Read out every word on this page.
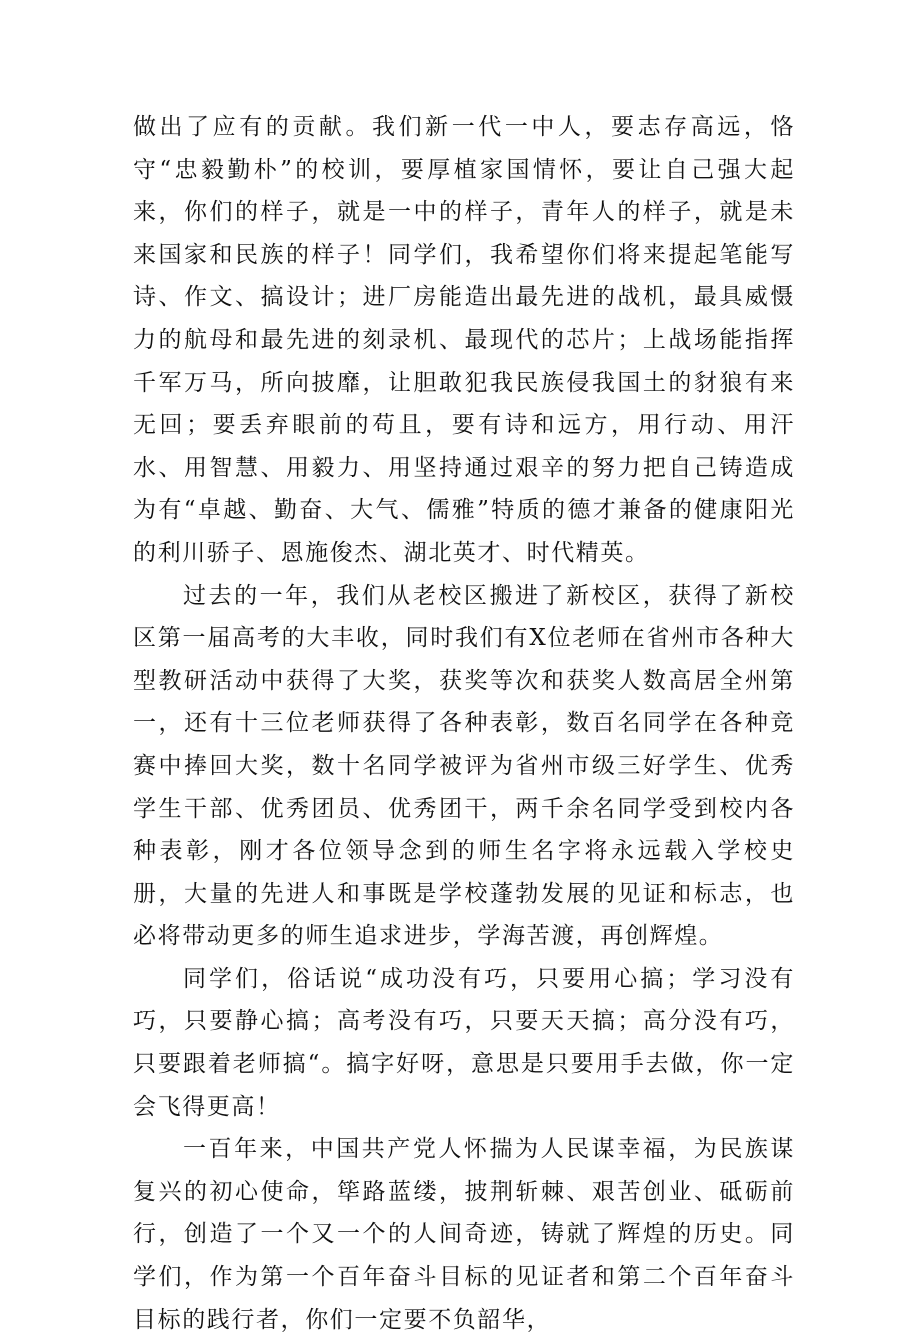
做出了应有的贡献。我们新一代一中人，要志存高远，恪守“忠毅勤朴”的校训，要厚植家国情怀，要让自己强大起来，你们的样子，就是一中的样子，青年人的样子，就是未来国家和民族的样子！同学们，我希望你们将来提起笔能写诗、作文、搞设计；进厂房能造出最先进的战机，最具威慑力的航母和最先进的刻录机、最现代的芯片；上战场能指挥千军万马，所向披靡，让胆敢犯我民族侵我国土的豺狼有来无回；要丢弃眼前的苟且，要有诗和远方，用行动、用汗水、用智慧、用毅力、用坚持通过艰辛的努力把自己铸造成为有“卓越、勤奋、大气、儒雅”特质的德才兼备的健康阳光的利川骄子、恩施俊杰、湖北英才、时代精英。

过去的一年，我们从老校区搬进了新校区，获得了新校区第一届高考的大丰收，同时我们有X位老师在省州市各种大型教研活动中获得了大奖，获奖等次和获奖人数高居全州第一，还有十三位老师获得了各种表彰，数百名同学在各种竞赛中捧回大奖，数十名同学被评为省州市级三好学生、优秀学生干部、优秀团员、优秀团干，两千余名同学受到校内各种表彰，刚才各位领导念到的师生名字将永远载入学校史册，大量的先进人和事既是学校蓬勃发展的见证和标志，也必将带动更多的师生追求进步，学海苦渡，再创辉煌。

同学们，俗话说“成功没有巧，只要用心搞；学习没有巧，只要静心搞；高考没有巧，只要天天搞；高分没有巧，只要跟着老师搞“。搞字好呀，意思是只要用手去做，你一定会飞得更高！

一百年来，中国共产党人怀揣为人民谋幸福，为民族谋复兴的初心使命，筚路蓝缕，披荆斩棘、艰苦创业、砥砺前行，创造了一个又一个的人间奇迹，铸就了辉煌的历史。同学们，作为第一个百年奋斗目标的见证者和第二个百年奋斗目标的践行者，你们一定要不负韶华，
